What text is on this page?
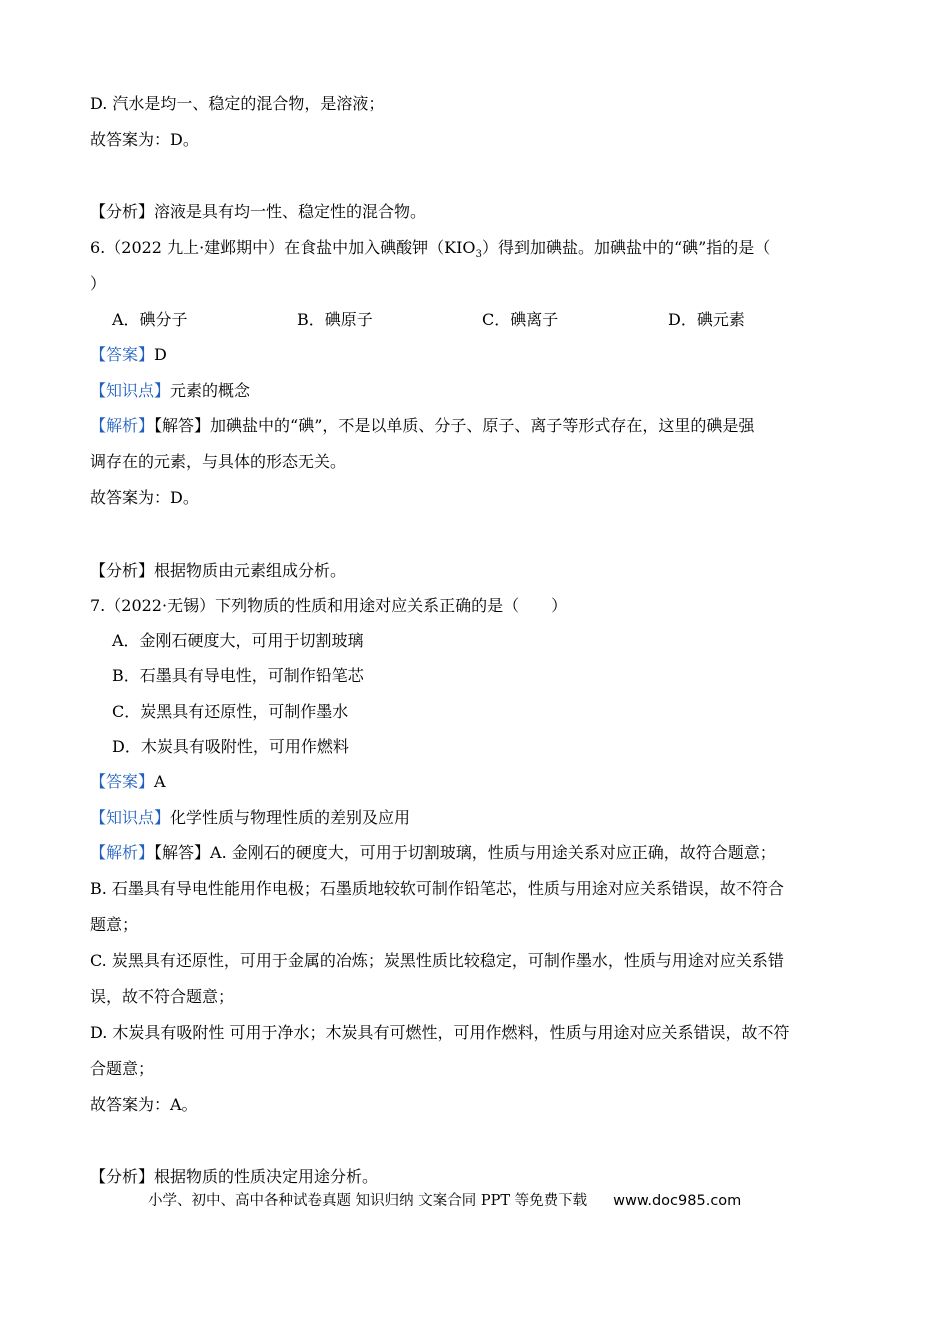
D. 汽水是均一、稳定的混合物，是溶液；
故答案为：D。
【分析】溶液是具有均一性、稳定性的混合物。
6.（2022 九上·建邺期中）在食盐中加入碘酸钾$(KIO_3)$得到加碘盐。加碘盐中的“碘”指的是（
）
A．碘分子	B．碘原子	C．碘离子	D．碘元素
【答案】D
【知识点】元素的概念
【解析】【解答】加碘盐中的“碘”，不是以单质、分子、原子、离子等形式存在，这里的碘是强
调存在的元素，与具体的形态无关。
故答案为：D。
【分析】根据物质由元素组成分析。
7.（2022·无锡）下列物质的性质和用途对应关系正确的是（　　）
A．金刚石硬度大，可用于切割玻璃
B．石墨具有导电性，可制作铅笔芯
C．炭黑具有还原性，可制作墨水
D．木炭具有吸附性，可用作燃料
【答案】A
【知识点】化学性质与物理性质的差别及应用
【解析】【解答】A. 金刚石的硬度大，可用于切割玻璃，性质与用途关系对应正确，故符合题意；
B. 石墨具有导电性能用作电极；石墨质地较软可制作铅笔芯，性质与用途对应关系错误，故不符合
题意；
C. 炭黑具有还原性，可用于金属的冶炼；炭黑性质比较稳定，可制作墨水，性质与用途对应关系错
误，故不符合题意；
D. 木炭具有吸附性 可用于净水；木炭具有可燃性，可用作燃料，性质与用途对应关系错误，故不符
合题意；
故答案为：A。
【分析】根据物质的性质决定用途分析。
小学、初中、高中各种试卷真题 知识归纳 文案合同 PPT 等免费下载 www.doc985.com
